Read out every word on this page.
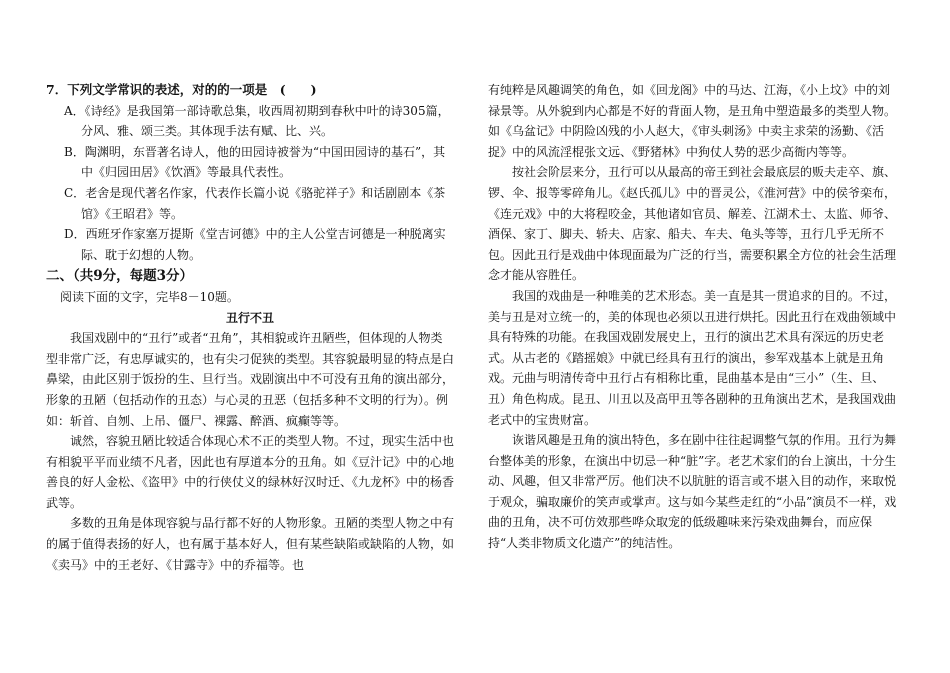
7．下列文学常识的表述，对的的一项是　(　　)

A．《诗经》是我国第一部诗歌总集，收西周初期到春秋中叶的诗305篇，分风、雅、颂三类。其体现手法有赋、比、兴。

B．陶渊明，东晋著名诗人，他的田园诗被誉为“中国田园诗的基石”，其中《归园田居》《饮酒》等最具代表性。

C．老舍是现代著名作家，代表作长篇小说《骆驼祥子》和话剧剧本《茶馆》《王昭君》等。

D．西班牙作家塞万提斯《堂吉诃德》中的主人公堂吉诃德是一种脱离实际、耽于幻想的人物。

二、（共9分，每题3分）

阅读下面的文字，完毕8－10题。

丑行不丑

我国戏剧中的“丑行”或者“丑角”，其相貌或许丑陋些，但体现的人物类型非常广泛，有忠厚诚实的，也有尖刁促狭的类型。其容貌最明显的特点是白鼻梁，由此区别于饭扮的生、旦行当。戏剧演出中不可没有丑角的演出部分，形象的丑陋（包括动作的丑态）与心灵的丑恶（包括多种不文明的行为）。例如：斩首、自刎、上吊、僵尸、裸露、醉酒、疯癫等等。

诚然，容貌丑陋比较适合体现心术不正的类型人物。不过，现实生活中也有相貌平平而业绩不凡者，因此也有厚道本分的丑角。如《豆汁记》中的心地善良的好人金松、《盗甲》中的行侠仗义的绿林好汉时迁、《九龙杯》中的杨香武等。

多数的丑角是体现容貌与品行都不好的人物形象。丑陋的类型人物之中有的属于值得表扬的好人，也有属于基本好人，但有某些缺陷或缺陷的人物，如《卖马》中的王老好、《甘露寺》中的乔福等。也

有纯粹是风趣调笑的角色，如《回龙阁》中的马达、江海，《小上坟》中的刘禄景等。从外貌到内心都是不好的背面人物，是丑角中塑造最多的类型人物。如《乌盆记》中阴险凶残的小人赵大，《审头刺汤》中卖主求荣的汤勤、《活捉》中的风流淫棍张文远、《野猪林》中狗仗人势的恶少高衙内等等。

按社会阶层来分，丑行可以从最高的帝王到社会最底层的贩夫走卒、旗、锣、伞、报等零碎角儿。《赵氏孤儿》中的晋灵公，《淮河营》中的侯爷栾布，《连元戏》中的大将程咬金，其他诸如官员、解差、江湖术士、太监、师爷、酒保、家丁、脚夫、轿夫、店家、船夫、车夫、龟头等等，丑行几乎无所不包。因此丑行是戏曲中体现面最为广泛的行当，需要积累全方位的社会生活理念才能从容胜任。

我国的戏曲是一种唯美的艺术形态。美一直是其一贯追求的目的。不过，美与丑是对立统一的，美的体现也必须以丑进行烘托。因此丑行在戏曲领域中具有特殊的功能。在我国戏剧发展史上，丑行的演出艺术具有深远的历史老式。从古老的《踏摇娘》中就已经具有丑行的演出，参军戏基本上就是丑角戏。元曲与明清传奇中丑行占有相称比重，昆曲基本是由“三小”（生、旦、丑）角色构成。昆丑、川丑以及高甲丑等各剧种的丑角演出艺术，是我国戏曲老式中的宝贵财富。

诙谐风趣是丑角的演出特色，多在剧中往往起调整气氛的作用。丑行为舞台整体美的形象，在演出中切忌一种“脏”字。老艺术家们的台上演出，十分生动、风趣，但又非常严厉。他们决不以肮脏的语言或不堪入目的动作，来取悦于观众，骗取廉价的笑声或掌声。这与如今某些走红的“小品”演员不一样，戏曲的丑角，决不可仿效那些哗众取宠的低级趣味来污染戏曲舞台，而应保持“人类非物质文化遗产”的纯洁性。
